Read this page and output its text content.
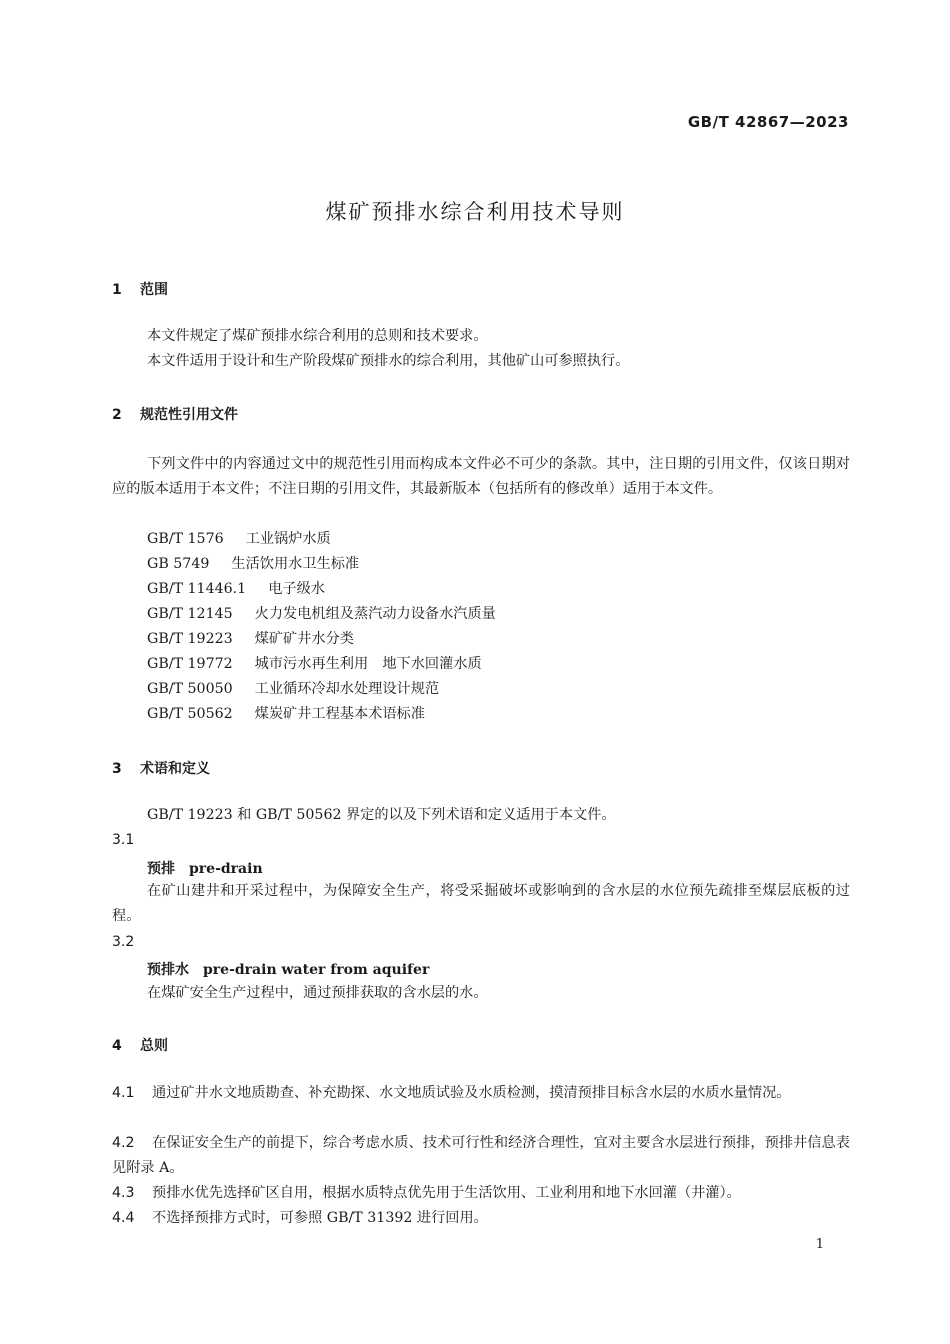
GB/T 42867—2023
煤矿预排水综合利用技术导则
1 范围
本文件规定了煤矿预排水综合利用的总则和技术要求。
本文件适用于设计和生产阶段煤矿预排水的综合利用，其他矿山可参照执行。
2 规范性引用文件
下列文件中的内容通过文中的规范性引用而构成本文件必不可少的条款。其中，注日期的引用文件，仅该日期对应的版本适用于本文件；不注日期的引用文件，其最新版本（包括所有的修改单）适用于本文件。
GB/T 1576 工业锅炉水质
GB 5749 生活饮用水卫生标准
GB/T 11446.1 电子级水
GB/T 12145 火力发电机组及蒸汽动力设备水汽质量
GB/T 19223 煤矿矿井水分类
GB/T 19772 城市污水再生利用　地下水回灌水质
GB/T 50050 工业循环冷却水处理设计规范
GB/T 50562 煤炭矿井工程基本术语标准
3 术语和定义
GB/T 19223 和 GB/T 50562 界定的以及下列术语和定义适用于本文件。
3.1
预排 pre-drain
在矿山建井和开采过程中，为保障安全生产，将受采掘破坏或影响到的含水层的水位预先疏排至煤层底板的过程。
3.2
预排水 pre-drain water from aquifer
在煤矿安全生产过程中，通过预排获取的含水层的水。
4 总则
4.1 通过矿井水文地质勘查、补充勘探、水文地质试验及水质检测，摸清预排目标含水层的水质水量情况。
4.2 在保证安全生产的前提下，综合考虑水质、技术可行性和经济合理性，宜对主要含水层进行预排，预排井信息表见附录 A。
4.3 预排水优先选择矿区自用，根据水质特点优先用于生活饮用、工业利用和地下水回灌（井灌）。
4.4 不选择预排方式时，可参照 GB/T 31392 进行回用。
1
